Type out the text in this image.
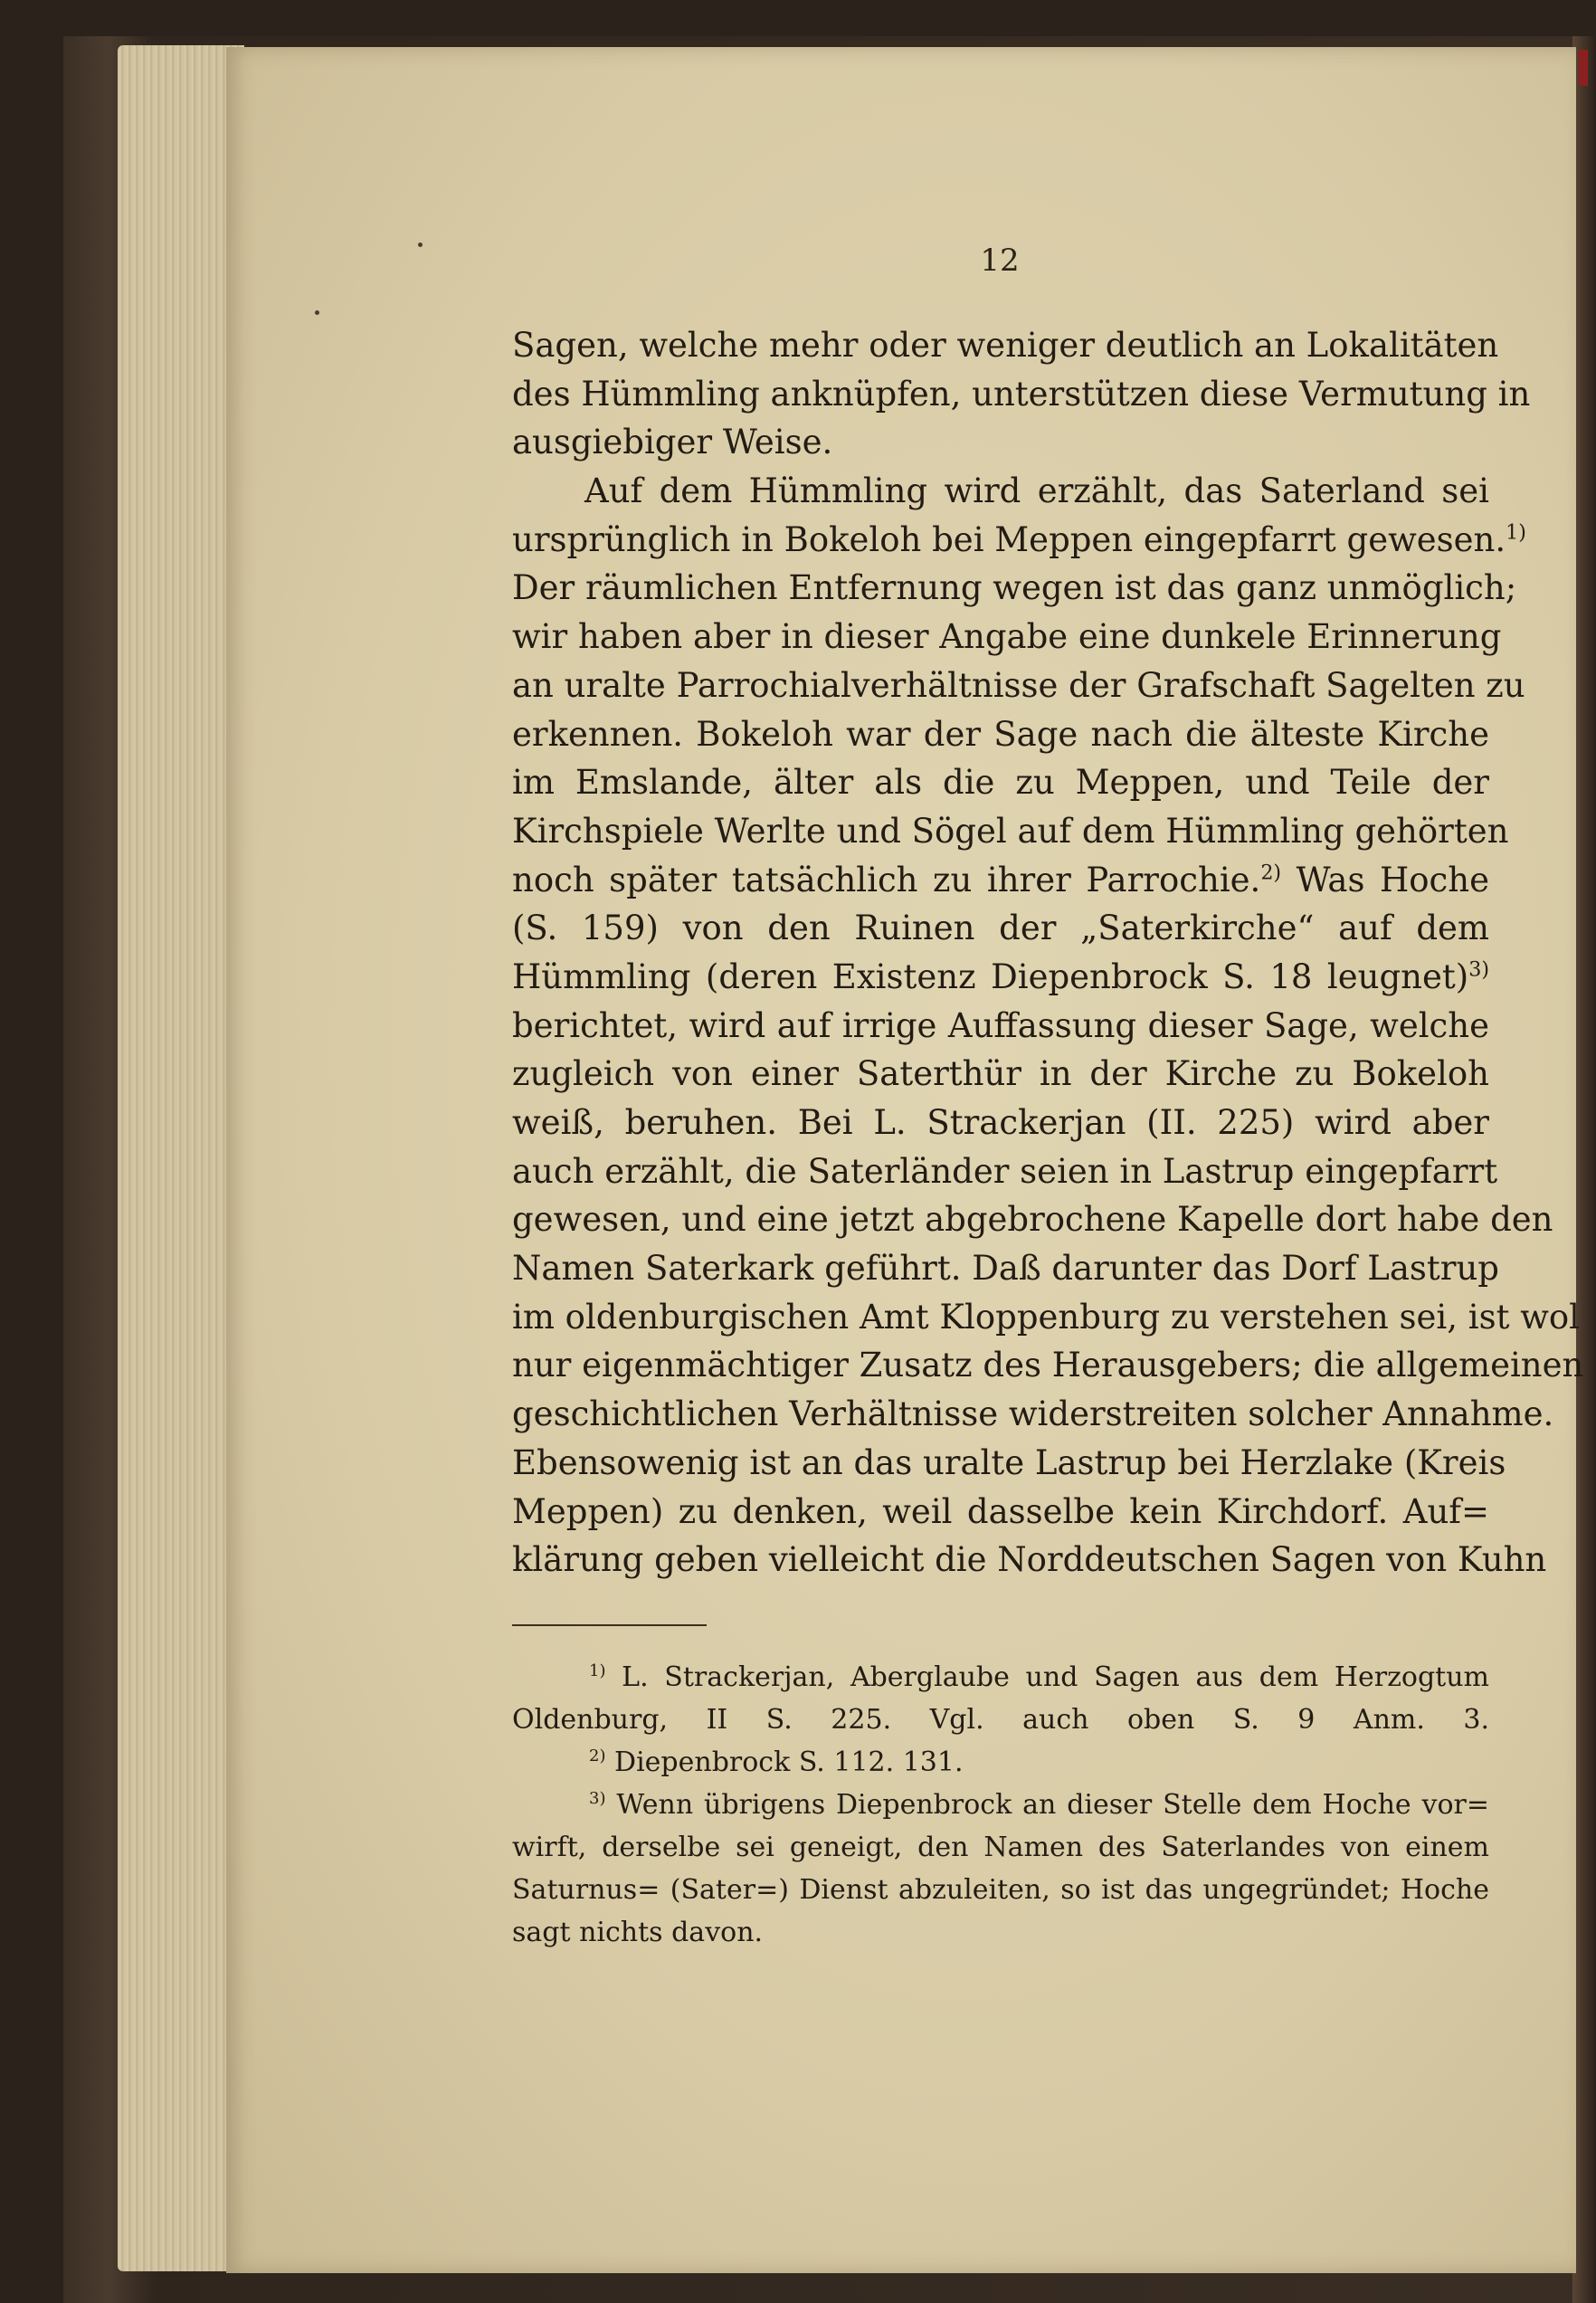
12
Sagen, welche mehr oder weniger deutlich an Lokalitäten
des Hümmling anknüpfen, unterstützen diese Vermutung in
ausgiebiger Weise.
Auf dem Hümmling wird erzählt, das Saterland sei
ursprünglich in Bokeloh bei Meppen eingepfarrt gewesen.$^{1)}$
Der räumlichen Entfernung wegen ist das ganz unmöglich;
wir haben aber in dieser Angabe eine dunkele Erinnerung
an uralte Parrochialverhältnisse der Grafschaft Sagelten zu
erkennen. Bokeloh war der Sage nach die älteste Kirche
im Emslande, älter als die zu Meppen, und Teile der
Kirchspiele Werlte und Sögel auf dem Hümmling gehörten
noch später tatsächlich zu ihrer Parrochie.$^{2)}$ Was Hoche
(S. 159) von den Ruinen der „Saterkirche“ auf dem
Hümmling (deren Existenz Diepenbrock S. 18 leugnet)$^{3)}$
berichtet, wird auf irrige Auffassung dieser Sage, welche
zugleich von einer Saterthür in der Kirche zu Bokeloh
weiß, beruhen. Bei L. Strackerjan (II. 225) wird aber
auch erzählt, die Saterländer seien in Lastrup eingepfarrt
gewesen, und eine jetzt abgebrochene Kapelle dort habe den
Namen Saterkark geführt. Daß darunter das Dorf Lastrup
im oldenburgischen Amt Kloppenburg zu verstehen sei, ist wol
nur eigenmächtiger Zusatz des Herausgebers; die allgemeinen
geschichtlichen Verhältnisse widerstreiten solcher Annahme.
Ebensowenig ist an das uralte Lastrup bei Herzlake (Kreis
Meppen) zu denken, weil dasselbe kein Kirchdorf. Auf=
klärung geben vielleicht die Norddeutschen Sagen von Kuhn
$^{1)}$ L. Strackerjan, Aberglaube und Sagen aus dem Herzogtum
Oldenburg, II S. 225. Vgl. auch oben S. 9 Anm. 3.
$^{2)}$ Diepenbrock S. 112. 131.
$^{3)}$ Wenn übrigens Diepenbrock an dieser Stelle dem Hoche vor=
wirft, derselbe sei geneigt, den Namen des Saterlandes von einem
Saturnus= (Sater=) Dienst abzuleiten, so ist das ungegründet; Hoche
sagt nichts davon.
